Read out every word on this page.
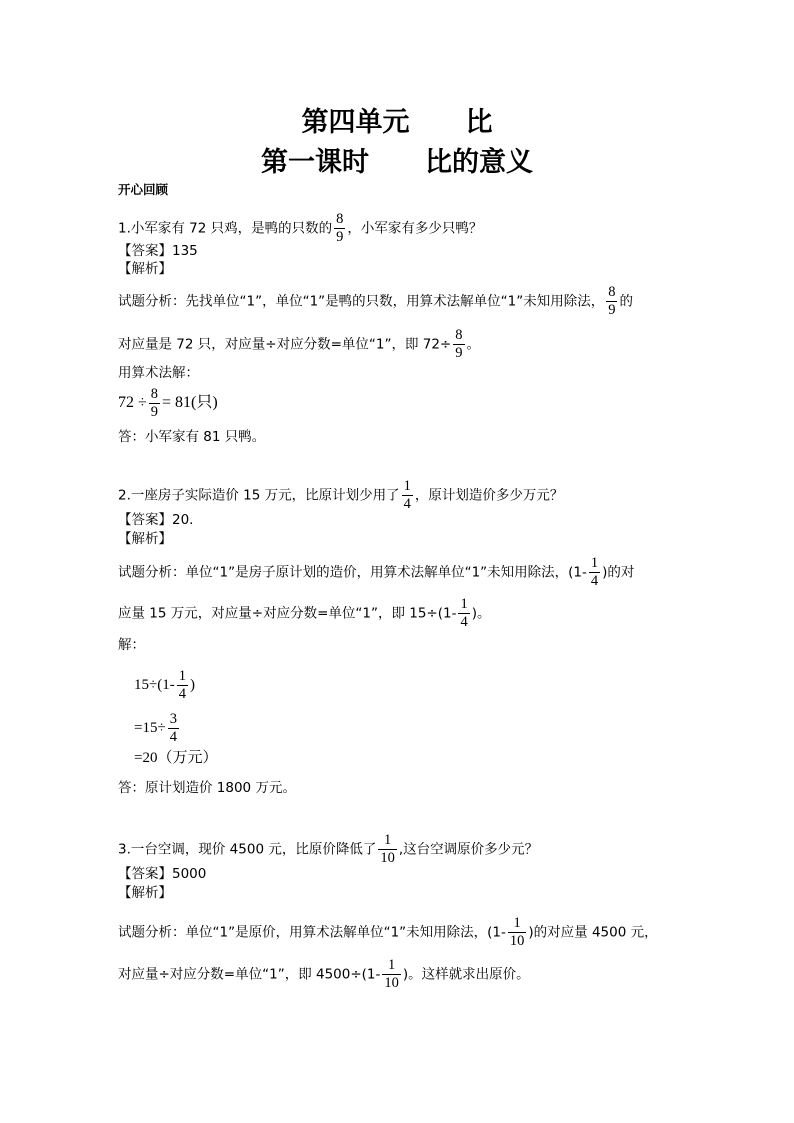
第四单元 比
第一课时 比的意义
开心回顾
1.小军家有 72 只鸡，是鸭的只数的 $\frac{8}{9}$ ，小军家有多少只鸭？
【答案】135
【解析】
试题分析：先找单位“1”，单位“1”是鸭的只数，用算术法解单位“1”未知用除法， $\frac{8}{9}$ 的
对应量是 72 只，对应量÷对应分数=单位“1”，即 $72\div \frac{8}{9}$ 。
用算术法解：
$72 \div \frac{8}{9} = 81$(只)
答：小军家有 81 只鸭。
2.一座房子实际造价 15 万元，比原计划少用了 $\frac{1}{4}$ ，原计划造价多少万元？
【答案】20.
【解析】
试题分析：单位“1”是房子原计划的造价，用算术法解单位“1”未知用除法，($1- \frac{1}{4}$ )的对
应量 15 万元，对应量÷对应分数=单位“1”，即 $15\div(1- \frac{1}{4}$ )。
解：
$15\div(1- \frac{1}{4}$ )
$=15\div \frac{3}{4}$
=20（万元）
答：原计划造价 1800 万元。
3.一台空调，现价 4500 元，比原价降低了 $\frac{1}{10}$ ,这台空调原价多少元？
【答案】5000
【解析】
试题分析：单位“1”是原价，用算术法解单位“1”未知用除法，($1- \frac{1}{10}$ )的对应量 4500 元，
对应量÷对应分数=单位“1”，即 $4500\div(1- \frac{1}{10}$ )。这样就求出原价。
